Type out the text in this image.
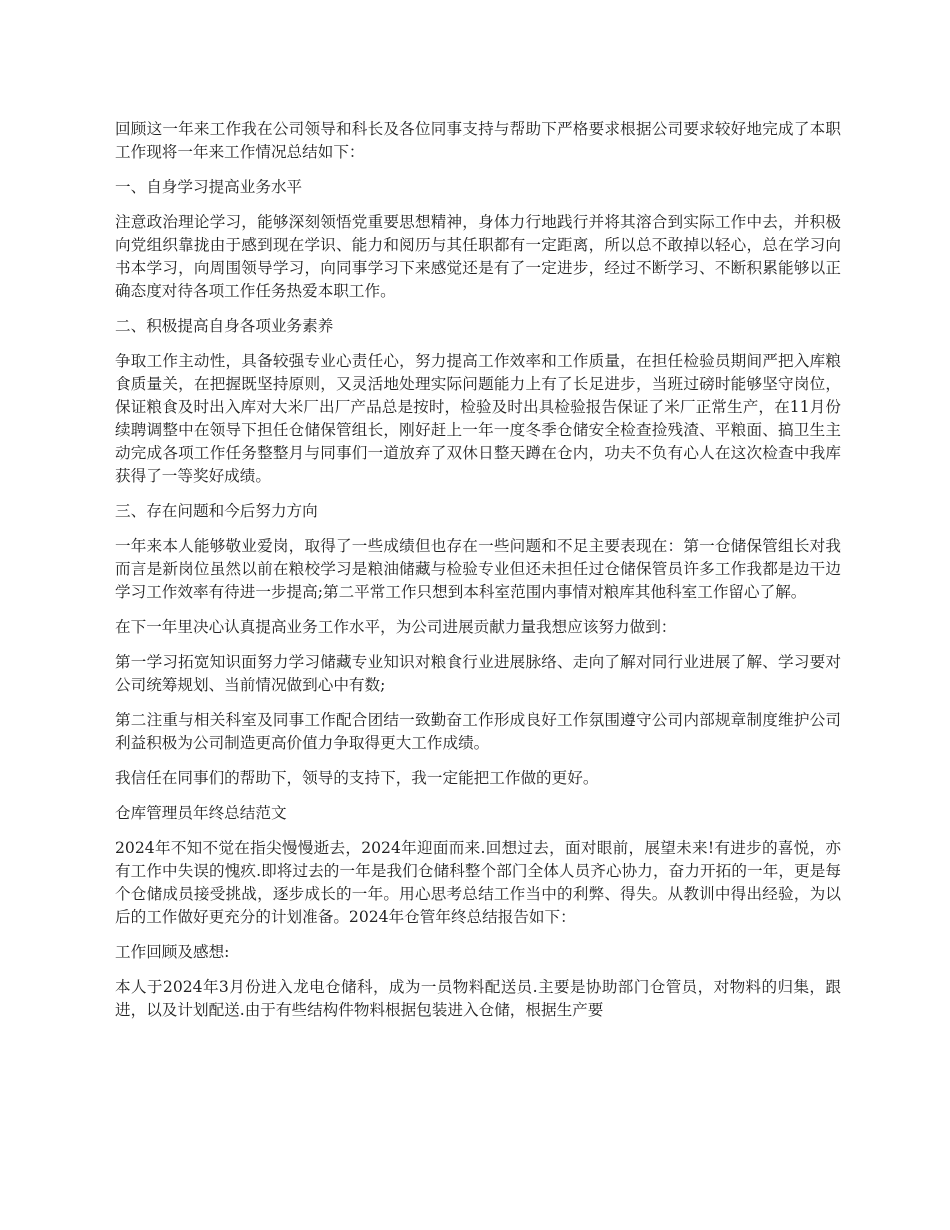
回顾这一年来工作我在公司领导和科长及各位同事支持与帮助下严格要求根据公司要求较好地完成了本职工作现将一年来工作情况总结如下：

一、自身学习提高业务水平

注意政治理论学习，能够深刻领悟党重要思想精神，身体力行地践行并将其溶合到实际工作中去，并积极向党组织靠拢由于感到现在学识、能力和阅历与其任职都有一定距离，所以总不敢掉以轻心，总在学习向书本学习，向周围领导学习，向同事学习下来感觉还是有了一定进步，经过不断学习、不断积累能够以正确态度对待各项工作任务热爱本职工作。

二、积极提高自身各项业务素养

争取工作主动性，具备较强专业心责任心，努力提高工作效率和工作质量，在担任检验员期间严把入库粮食质量关，在把握既坚持原则，又灵活地处理实际问题能力上有了长足进步，当班过磅时能够坚守岗位，保证粮食及时出入库对大米厂出厂产品总是按时，检验及时出具检验报告保证了米厂正常生产，在11月份续聘调整中在领导下担任仓储保管组长，刚好赶上一年一度冬季仓储安全检查捡残渣、平粮面、搞卫生主动完成各项工作任务整整月与同事们一道放弃了双休日整天蹲在仓内，功夫不负有心人在这次检查中我库获得了一等奖好成绩。

三、存在问题和今后努力方向

一年来本人能够敬业爱岗，取得了一些成绩但也存在一些问题和不足主要表现在：第一仓储保管组长对我而言是新岗位虽然以前在粮校学习是粮油储藏与检验专业但还未担任过仓储保管员许多工作我都是边干边学习工作效率有待进一步提高;第二平常工作只想到本科室范围内事情对粮库其他科室工作留心了解。

在下一年里决心认真提高业务工作水平，为公司进展贡献力量我想应该努力做到：

第一学习拓宽知识面努力学习储藏专业知识对粮食行业进展脉络、走向了解对同行业进展了解、学习要对公司统筹规划、当前情况做到心中有数;

第二注重与相关科室及同事工作配合团结一致勤奋工作形成良好工作氛围遵守公司内部规章制度维护公司利益积极为公司制造更高价值力争取得更大工作成绩。

我信任在同事们的帮助下，领导的支持下，我一定能把工作做的更好。

仓库管理员年终总结范文

2024年不知不觉在指尖慢慢逝去，2024年迎面而来.回想过去，面对眼前，展望未来!有进步的喜悦，亦有工作中失误的愧疚.即将过去的一年是我们仓储科整个部门全体人员齐心协力，奋力开拓的一年，更是每个仓储成员接受挑战，逐步成长的一年。用心思考总结工作当中的利弊、得失。从教训中得出经验，为以后的工作做好更充分的计划准备。2024年仓管年终总结报告如下：

工作回顾及感想:

本人于2024年3月份进入龙电仓储科，成为一员物料配送员.主要是协助部门仓管员，对物料的归集，跟进，以及计划配送.由于有些结构件物料根据包装进入仓储，根据生产要
